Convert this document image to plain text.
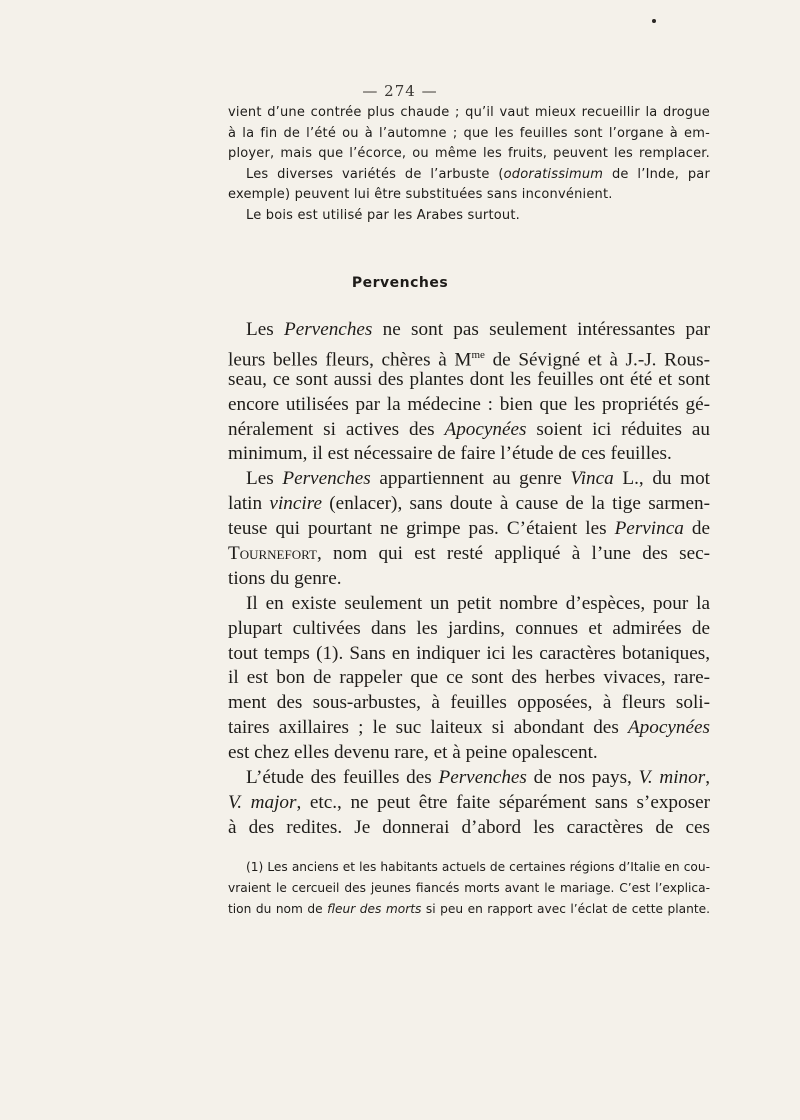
— 274 —
vient d’une contrée plus chaude ; qu’il vaut mieux recueillir la drogue
à la fin de l’été ou à l’automne ; que les feuilles sont l’organe à em-
ployer, mais que l’écorce, ou même les fruits, peuvent les remplacer.
Les diverses variétés de l’arbuste (odoratissimum de l’Inde, par
exemple) peuvent lui être substituées sans inconvénient.
Le bois est utilisé par les Arabes surtout.
Pervenches
Les Pervenches ne sont pas seulement intéressantes par
leurs belles fleurs, chères à $M^{me}$ de Sévigné et à J.-J. Rous-
seau, ce sont aussi des plantes dont les feuilles ont été et sont
encore utilisées par la médecine : bien que les propriétés gé-
néralement si actives des Apocynées soient ici réduites au
minimum, il est nécessaire de faire l’étude de ces feuilles.
Les Pervenches appartiennent au genre Vinca L., du mot
latin vincire (enlacer), sans doute à cause de la tige sarmen-
teuse qui pourtant ne grimpe pas. C’étaient les Pervinca de
Tournefort, nom qui est resté appliqué à l’une des sec-
tions du genre.
Il en existe seulement un petit nombre d’espèces, pour la
plupart cultivées dans les jardins, connues et admirées de
tout temps (1). Sans en indiquer ici les caractères botaniques,
il est bon de rappeler que ce sont des herbes vivaces, rare-
ment des sous-arbustes, à feuilles opposées, à fleurs soli-
taires axillaires ; le suc laiteux si abondant des Apocynées
est chez elles devenu rare, et à peine opalescent.
L’étude des feuilles des Pervenches de nos pays, V. minor,
V. major, etc., ne peut être faite séparément sans s’exposer
à des redites. Je donnerai d’abord les caractères de ces
(1) Les anciens et les habitants actuels de certaines régions d’Italie en cou-
vraient le cercueil des jeunes fiancés morts avant le mariage. C’est l’explica-
tion du nom de fleur des morts si peu en rapport avec l’éclat de cette plante.
